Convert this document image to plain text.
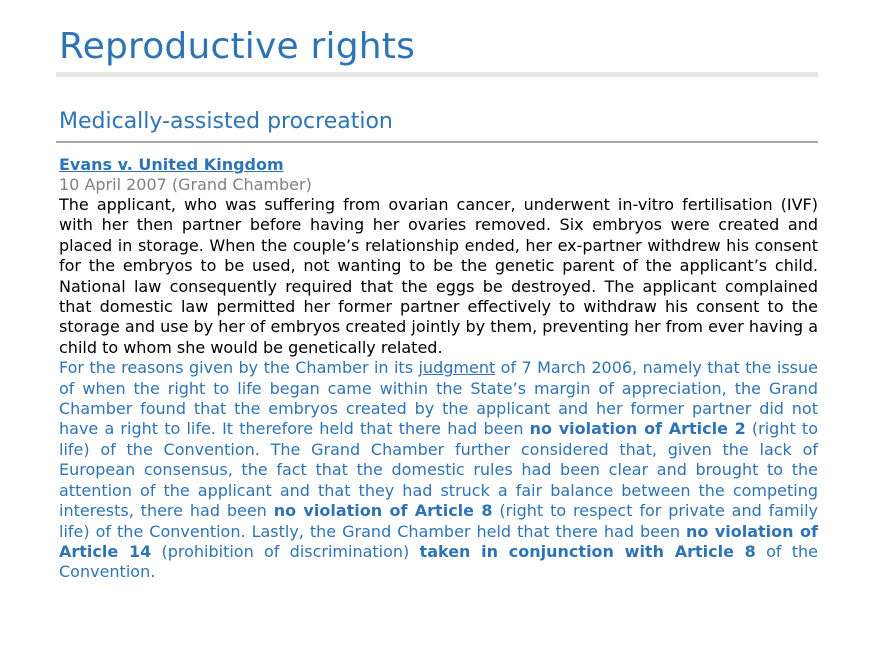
Reproductive rights
Medically-assisted procreation
Evans v. United Kingdom
10 April 2007 (Grand Chamber)

The applicant, who was suffering from ovarian cancer, underwent in-vitro fertilisation (IVF) with her then partner before having her ovaries removed. Six embryos were created and placed in storage. When the couple’s relationship ended, her ex-partner withdrew his consent for the embryos to be used, not wanting to be the genetic parent of the applicant’s child. National law consequently required that the eggs be destroyed. The applicant complained that domestic law permitted her former partner effectively to withdraw his consent to the storage and use by her of embryos created jointly by them, preventing her from ever having a child to whom she would be genetically related.

For the reasons given by the Chamber in its judgment of 7 March 2006, namely that the issue of when the right to life began came within the State’s margin of appreciation, the Grand Chamber found that the embryos created by the applicant and her former partner did not have a right to life. It therefore held that there had been no violation of Article 2 (right to life) of the Convention. The Grand Chamber further considered that, given the lack of European consensus, the fact that the domestic rules had been clear and brought to the attention of the applicant and that they had struck a fair balance between the competing interests, there had been no violation of Article 8 (right to respect for private and family life) of the Convention. Lastly, the Grand Chamber held that there had been no violation of Article 14 (prohibition of discrimination) taken in conjunction with Article 8 of the Convention.
